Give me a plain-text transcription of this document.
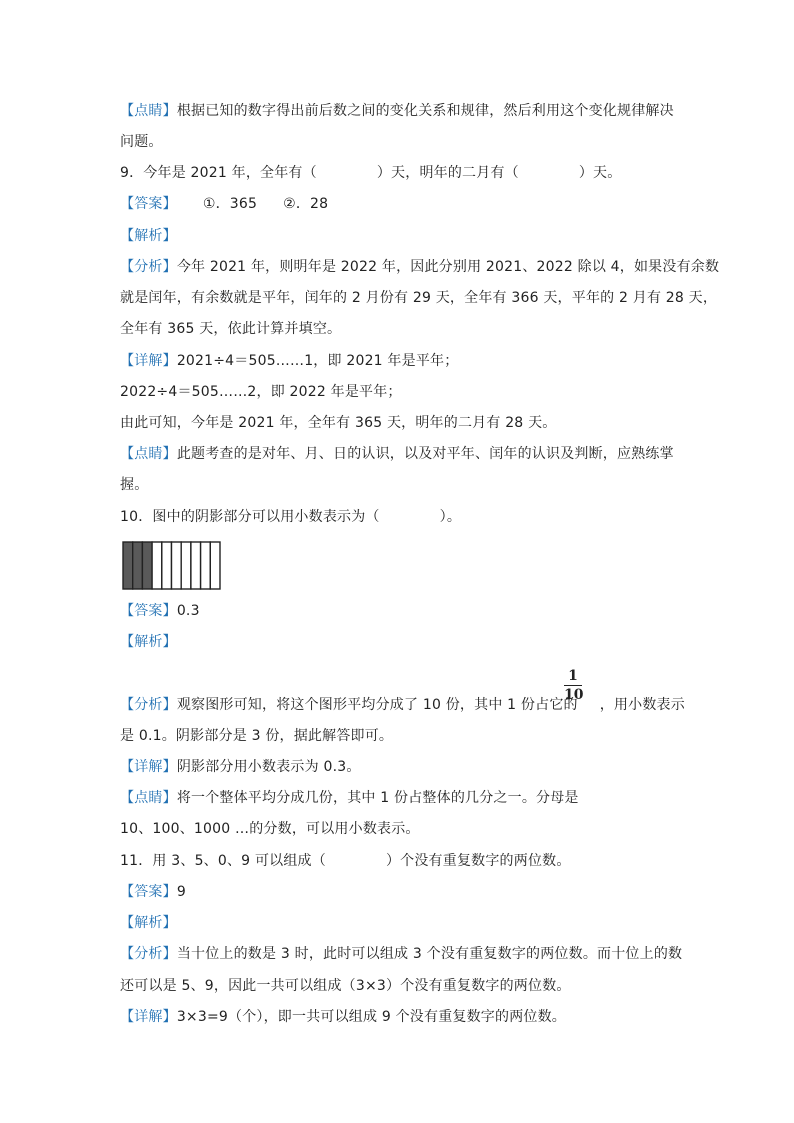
【点睛】根据已知的数字得出前后数之间的变化关系和规律，然后利用这个变化规律解决
问题。
9．今年是 2021 年，全年有（	）天，明年的二月有（	）天。
【答案】 ①．365 ②．28
【解析】
【分析】今年 2021 年，则明年是 2022 年，因此分别用 2021、2022 除以 4，如果没有余数
就是闰年，有余数就是平年，闰年的 2 月份有 29 天，全年有 366 天，平年的 2 月有 28 天，
全年有 365 天，依此计算并填空。
【详解】2021÷4＝505……1，即 2021 年是平年；
2022÷4＝505……2，即 2022 年是平年；
由此可知，今年是 2021 年，全年有 365 天，明年的二月有 28 天。
【点睛】此题考查的是对年、月、日的认识，以及对平年、闰年的认识及判断，应熟练掌
握。
10．图中的阴影部分可以用小数表示为（	）。
【答案】0.3
【解析】
$\frac{1}{10}$
【分析】观察图形可知，将这个图形平均分成了 10 份，其中 1 份占它的 ，用小数表示
是 0.1。阴影部分是 3 份，据此解答即可。
【详解】阴影部分用小数表示为 0.3。
【点睛】将一个整体平均分成几份，其中 1 份占整体的几分之一。分母是
10、100、1000 …的分数，可以用小数表示。
11．用 3、5、0、9 可以组成（	）个没有重复数字的两位数。
【答案】9
【解析】
【分析】当十位上的数是 3 时，此时可以组成 3 个没有重复数字的两位数。而十位上的数
还可以是 5、9，因此一共可以组成（3×3）个没有重复数字的两位数。
【详解】3×3=9（个），即一共可以组成 9 个没有重复数字的两位数。
